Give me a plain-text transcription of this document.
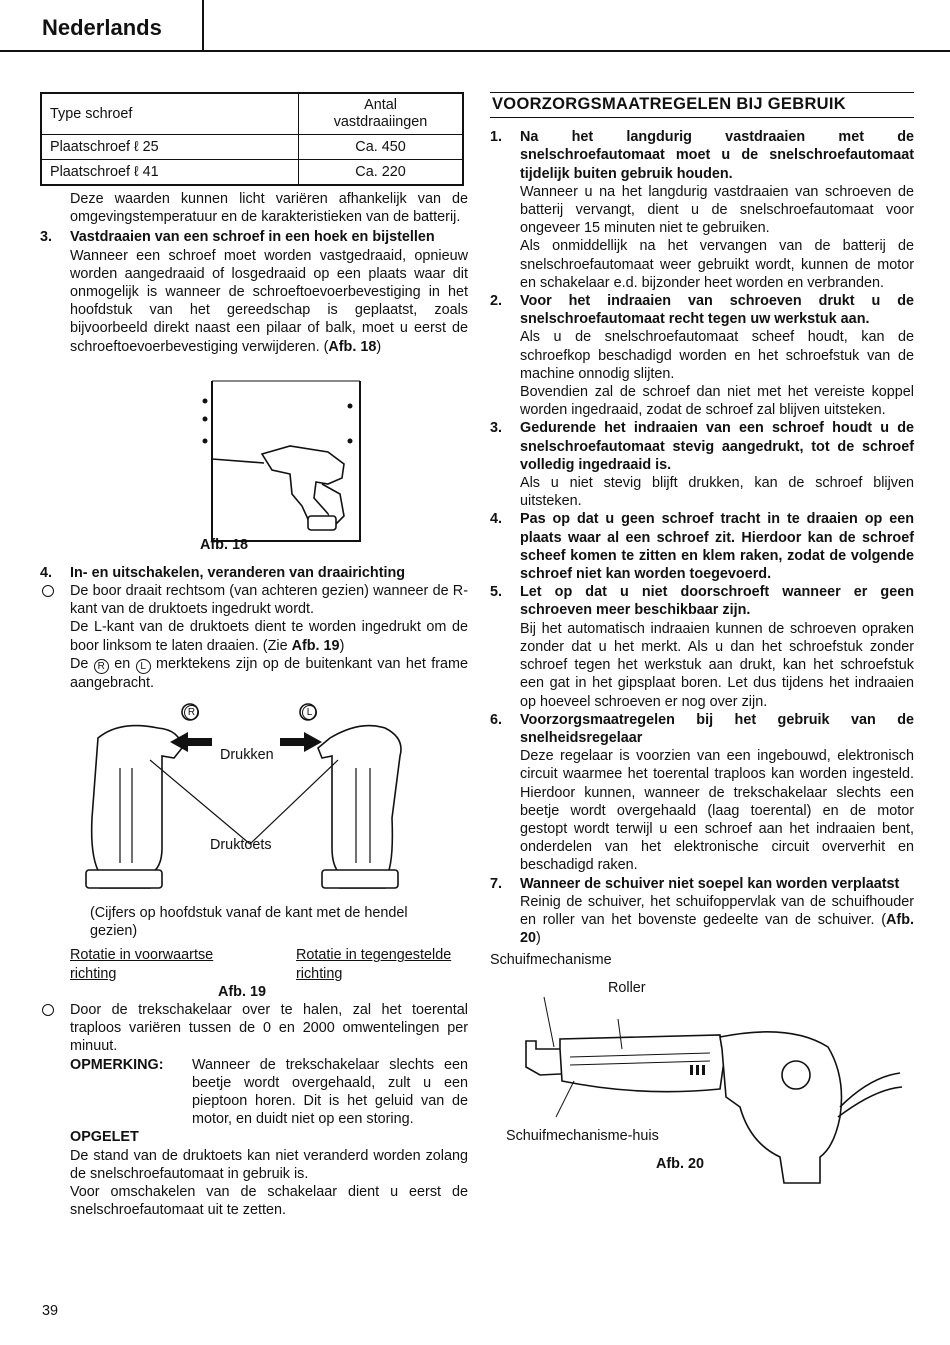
Nederlands
Type schroef	Antal
vastdraaiingen
Plaatschroef ℓ 25	Ca. 450
Plaatschroef ℓ 41	Ca. 220

Deze waarden kunnen licht variëren afhankelijk van de omgevingstemperatuur en de karakteristieken van de batterij.

3. Vastdraaien van een schroef in een hoek en bijstellen

Wanneer een schroef moet worden vastgedraaid, opnieuw worden aangedraaid of losgedraaid op een plaats waar dit onmogelijk is wanneer de schroeftoevoerbevestiging in het hoofdstuk van het gereedschap is geplaatst, zoals bijvoorbeeld direkt naast een pilaar of balk, moet u eerst de schroeftoevoerbevestiging verwijderen. (Afb. 18)

Afb. 18
4. In- en uitschakelen, veranderen van draairichting

De boor draait rechtsom (van achteren gezien) wanneer de R-kant van de druktoets ingedrukt wordt.

De L-kant van de druktoets dient te worden ingedrukt om de boor linksom te laten draaien. (Zie Afb. 19)

De R en L merktekens zijn op de buitenkant van het frame aangebracht.

R	L
Drukken
Druktoets

(Cijfers op hoofdstuk vanaf de kant met de hendel gezien)

Rotatie in voorwaartse richting
Rotatie in tegengestelde richting
Afb. 19

Door de trekschakelaar over te halen, zal het toerental traploos variëren tussen de 0 en 2000 omwentelingen per minuut.

OPMERKING:	Wanneer de trekschakelaar slechts een beetje wordt overgehaald, zult u een pieptoon horen. Dit is het geluid van de motor, en duidt niet op een storing.

OPGELET

De stand van de druktoets kan niet veranderd worden zolang de snelschroefautomaat in gebruik is.

Voor omschakelen van de schakelaar dient u eerst de snelschroefautomaat uit te zetten.

VOORZORGSMAATREGELEN BIJ GEBRUIK
1. Na het langdurig vastdraaien met de snelschroefautomaat moet u de snelschroefautomaat tijdelijk buiten gebruik houden.

Wanneer u na het langdurig vastdraaien van schroeven de batterij vervangt, dient u de snelschroefautomaat voor ongeveer 15 minuten niet te gebruiken.

Als onmiddellijk na het vervangen van de batterij de snelschroefautomaat weer gebruikt wordt, kunnen de motor en schakelaar e.d. bijzonder heet worden en verbranden.

2. Voor het indraaien van schroeven drukt u de snelschroefautomaat recht tegen uw werkstuk aan.

Als u de snelschroefautomaat scheef houdt, kan de schroefkop beschadigd worden en het schroefstuk van de machine onnodig slijten.

Bovendien zal de schroef dan niet met het vereiste koppel worden ingedraaid, zodat de schroef zal blijven uitsteken.

3. Gedurende het indraaien van een schroef houdt u de snelschroefautomaat stevig aangedrukt, tot de schroef volledig ingedraaid is.

Als u niet stevig blijft drukken, kan de schroef blijven uitsteken.

4. Pas op dat u geen schroef tracht in te draaien op een plaats waar al een schroef zit. Hierdoor kan de schroef scheef komen te zitten en klem raken, zodat de volgende schroef niet kan worden toegevoerd.
5. Let op dat u niet doorschroeft wanneer er geen schroeven meer beschikbaar zijn.

Bij het automatisch indraaien kunnen de schroeven opraken zonder dat u het merkt. Als u dan het schroefstuk zonder schroef tegen het werkstuk aan drukt, kan het schroefstuk een gat in het gipsplaat boren. Let dus tijdens het indraaien op hoeveel schroeven er nog over zijn.

6. Voorzorgsmaatregelen bij het gebruik van de snelheidsregelaar

Deze regelaar is voorzien van een ingebouwd, elektronisch circuit waarmee het toerental traploos kan worden ingesteld. Hierdoor kunnen, wanneer de trekschakelaar slechts een beetje wordt overgehaald (laag toerental) en de motor gestopt wordt terwijl u een schroef aan het indraaien bent, onderdelen van het elektronische circuit oververhit en beschadigd raken.

7. Wanneer de schuiver niet soepel kan worden verplaatst

Reinig de schuiver, het schuifoppervlak van de schuifhouder en roller van het bovenste gedeelte van de schuiver. (Afb. 20)

Schuifmechanisme
Roller
Schuifmechanisme-huis
Afb. 20
39
